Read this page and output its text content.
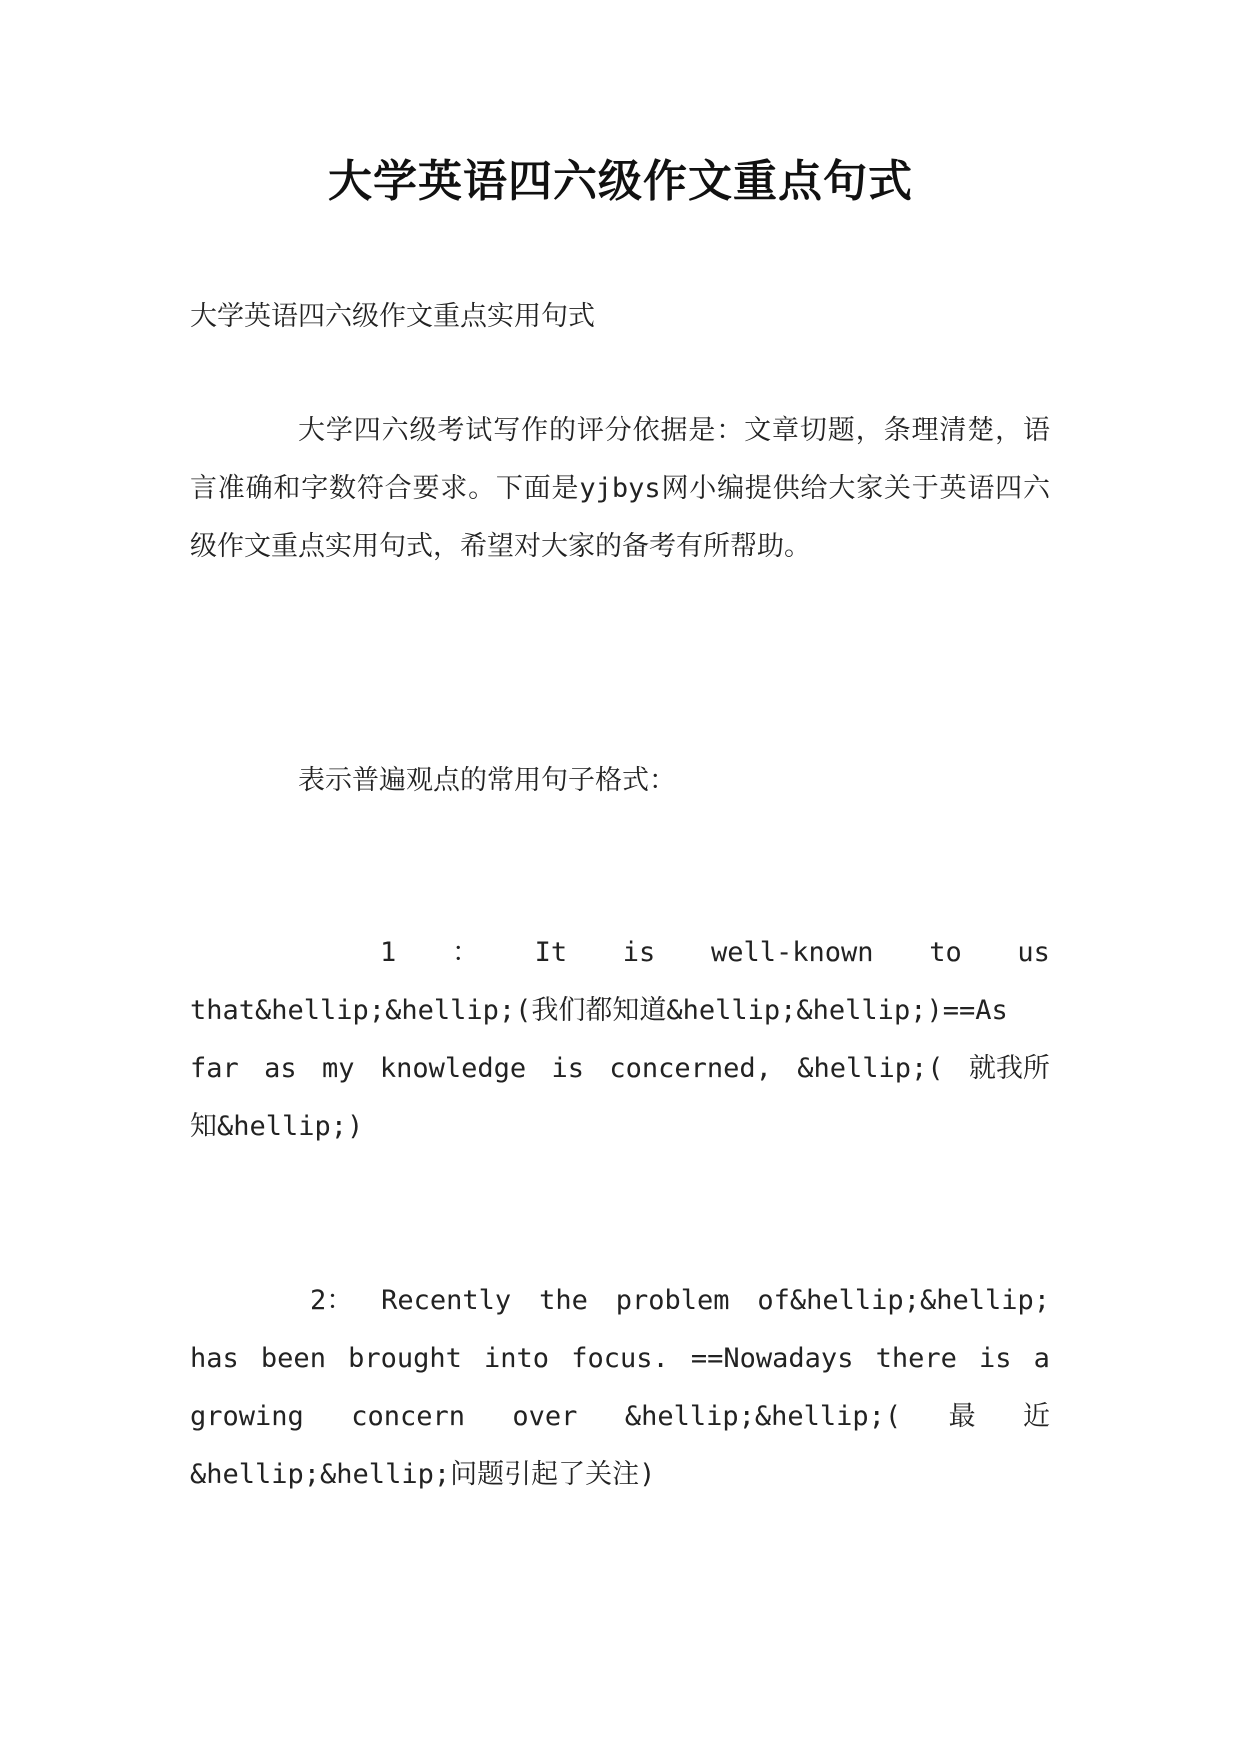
大学英语四六级作文重点句式

大学英语四六级作文重点实用句式

大学四六级考试写作的评分依据是：文章切题，条理清楚，语言准确和字数符合要求。下面是yjbys网小编提供给大家关于英语四六级作文重点实用句式，希望对大家的备考有所帮助。

表示普遍观点的常用句子格式：

1 ： It is well-known to us
that&hellip;&hellip;(我们都知道&hellip;&hellip;)==As
far as my knowledge is concerned, &hellip;( 就我所
知&hellip;)
2： Recently the problem of&hellip;&hellip;
has been brought into focus. ==Nowadays there is a
growing concern over &hellip;&hellip;( 最 近
&hellip;&hellip;问题引起了关注)
